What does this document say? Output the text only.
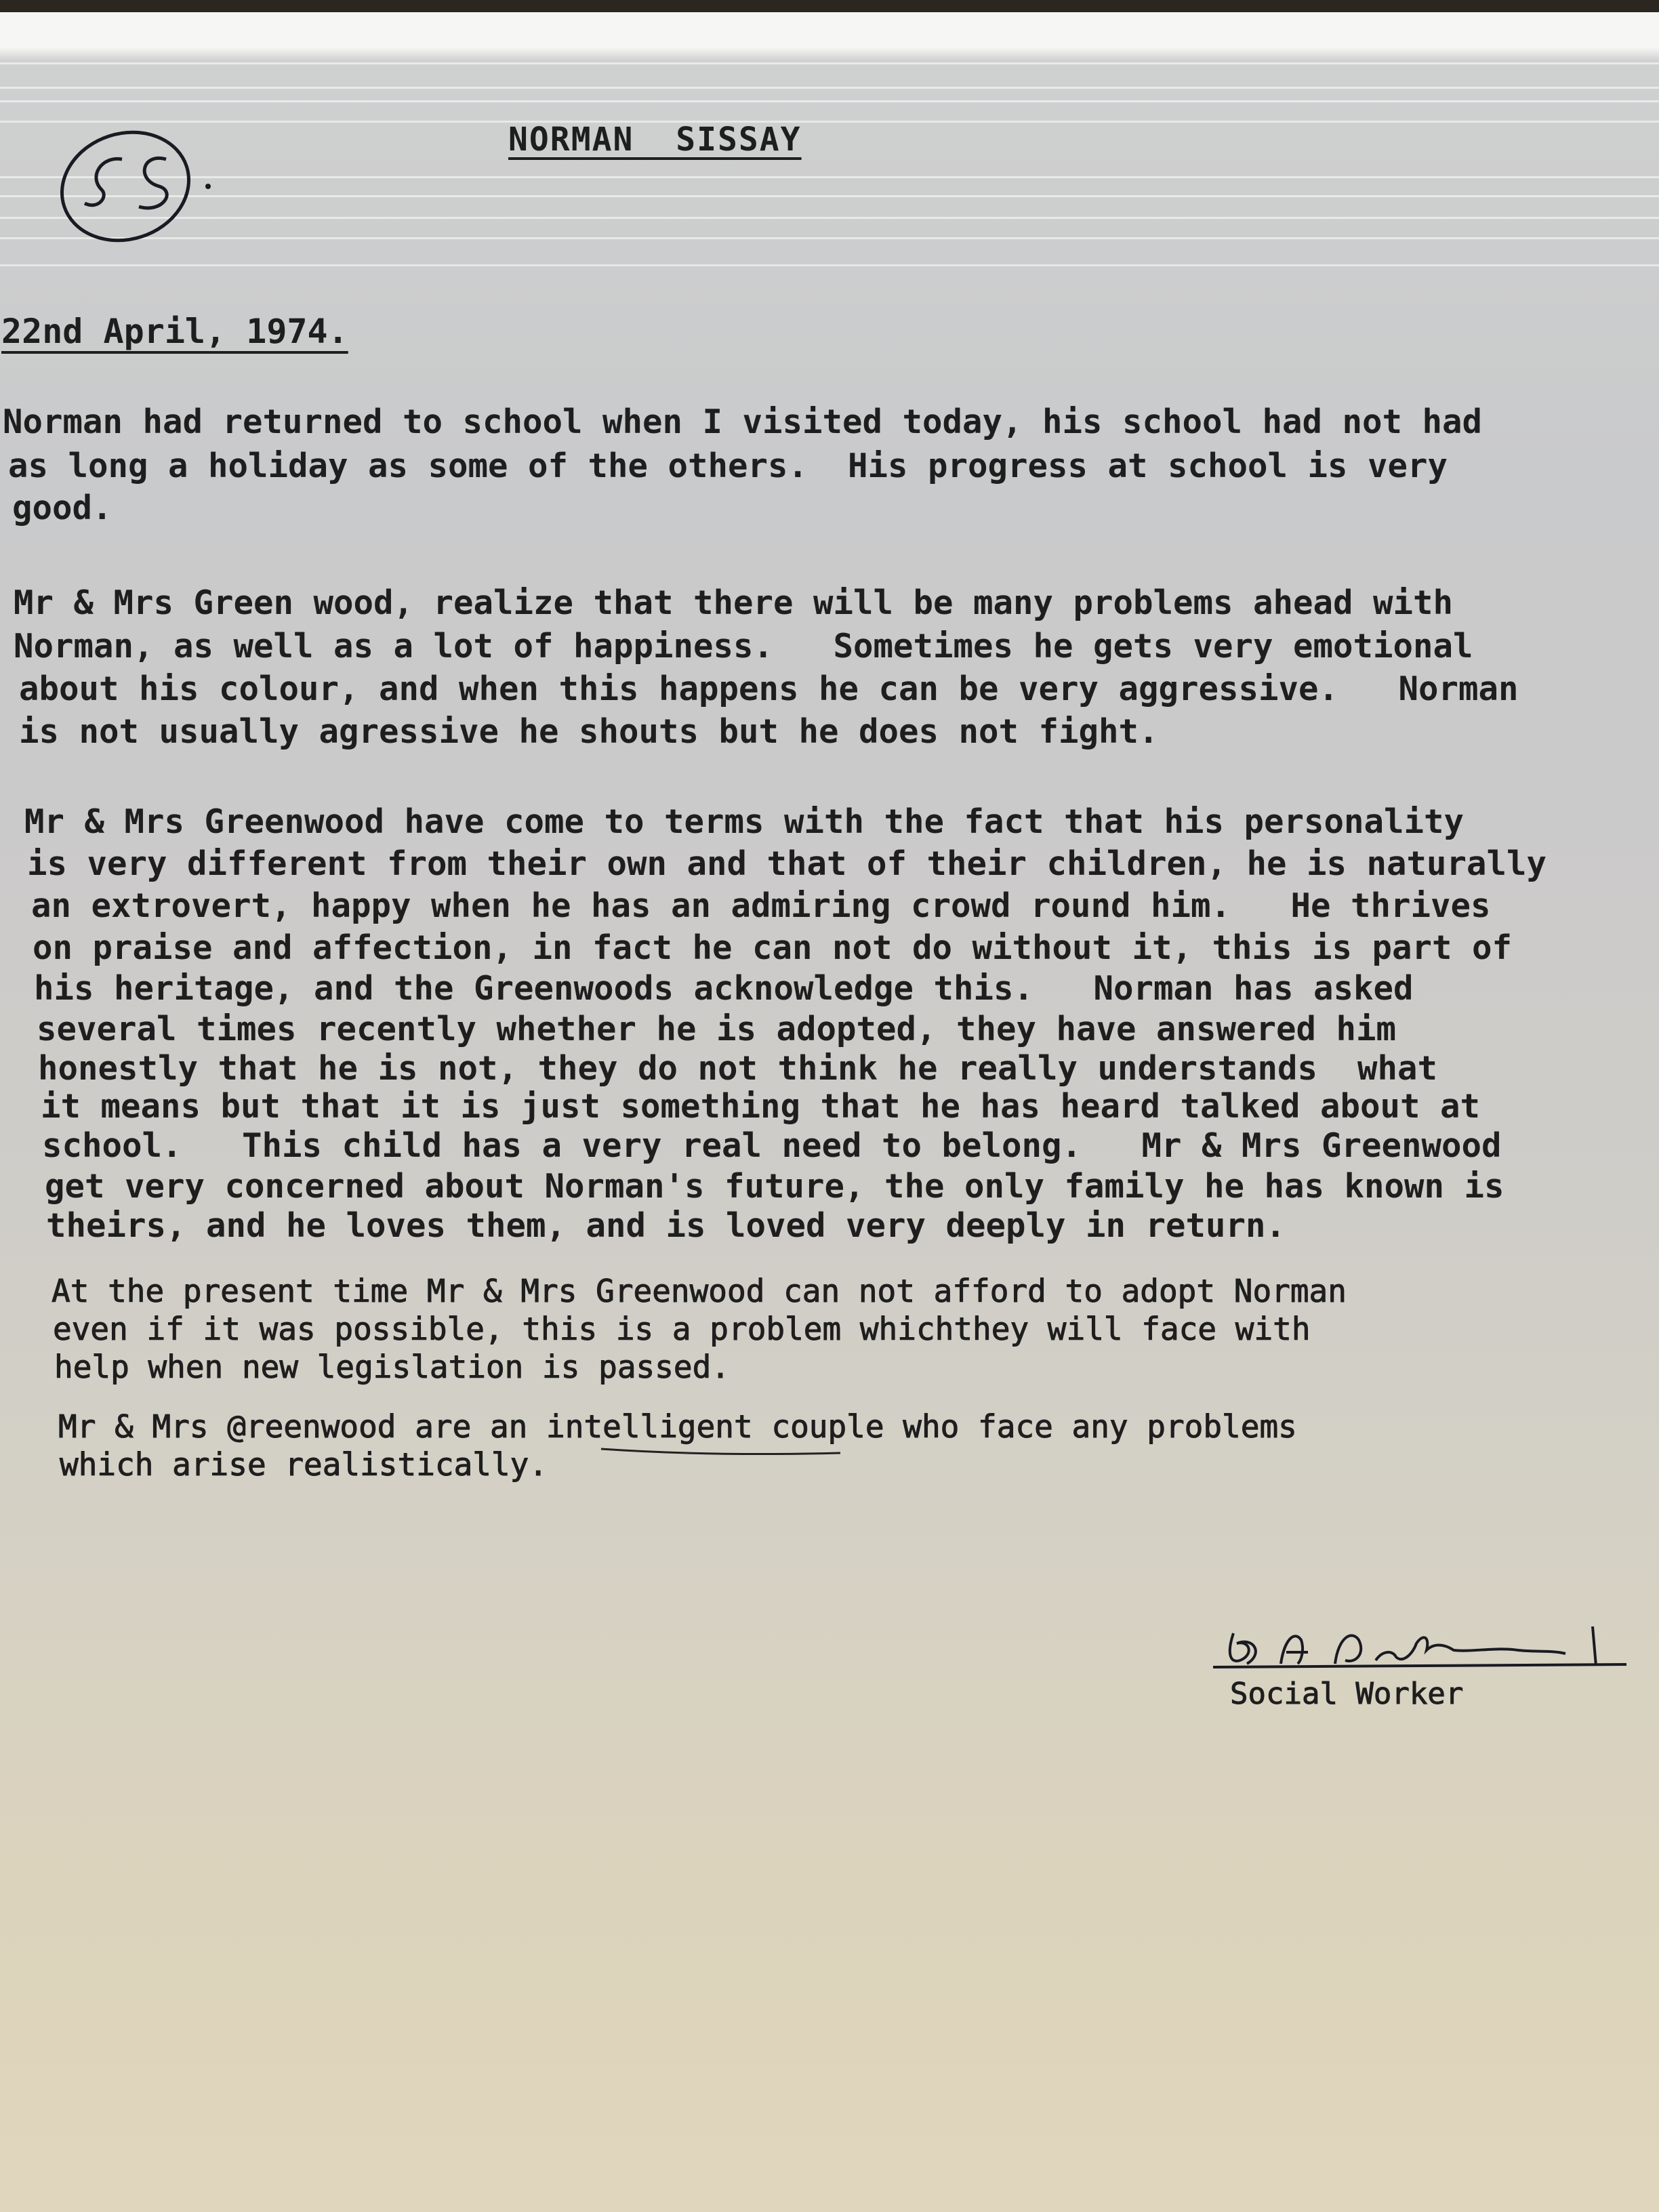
NORMAN  SISSAY
22nd April, 1974.

Norman had returned to school when I visited today, his school had not had

as long a holiday as some of the others.  His progress at school is very

good.

Mr & Mrs Green wood, realize that there will be many problems ahead with

Norman, as well as a lot of happiness.   Sometimes he gets very emotional

about his colour, and when this happens he can be very aggressive.   Norman

is not usually agressive he shouts but he does not fight.

Mr & Mrs Greenwood have come to terms with the fact that his personality

is very different from their own and that of their children, he is naturally

an extrovert, happy when he has an admiring crowd round him.   He thrives

on praise and affection, in fact he can not do without it, this is part of

his heritage, and the Greenwoods acknowledge this.   Norman has asked

several times recently whether he is adopted, they have answered him

honestly that he is not, they do not think he really understands  what

it means but that it is just something that he has heard talked about at

school.   This child has a very real need to belong.   Mr & Mrs Greenwood

get very concerned about Norman's future, the only family he has known is

theirs, and he loves them, and is loved very deeply in return.

At the present time Mr & Mrs Greenwood can not afford to adopt Norman

even if it was possible, this is a problem whichthey will face with

help when new legislation is passed.

Mr & Mrs @reenwood are an intelligent couple who face any problems

which arise realistically.

Social Worker
